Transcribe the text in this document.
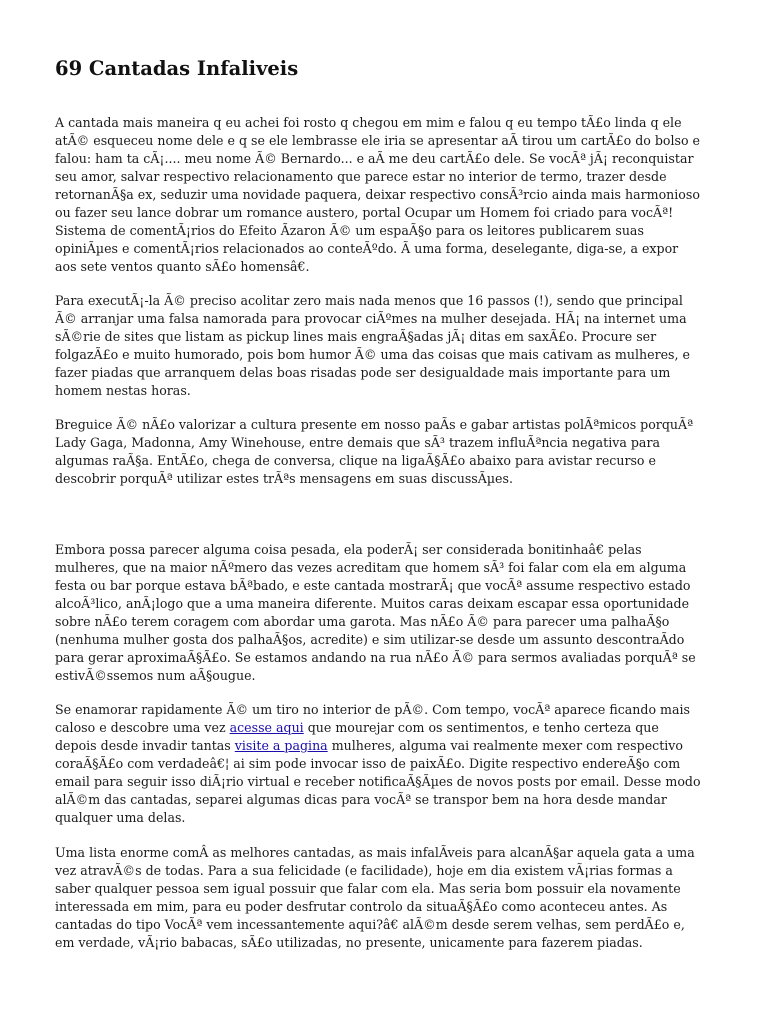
69 Cantadas Infaliveis

A cantada mais maneira q eu achei foi rosto q chegou em mim e falou q eu tempo tÃ£o linda q ele
atÃ© esqueceu nome dele e q se ele lembrasse ele iria se apresentar aÃ tirou um cartÃ£o do bolso e
falou: ham ta cÃ¡.... meu nome Ã© Bernardo... e aÃ me deu cartÃ£o dele. Se vocÃª jÃ¡ reconquistar
seu amor, salvar respectivo relacionamento que parece estar no interior de termo, trazer desde
retornanÃ§a ex, seduzir uma novidade paquera, deixar respectivo consÃ³rcio ainda mais harmonioso
ou fazer seu lance dobrar um romance austero, portal Ocupar um Homem foi criado para vocÃª!
Sistema de comentÃ¡rios do Efeito Ãzaron Ã© um espaÃ§o para os leitores publicarem suas
opiniÃµes e comentÃ¡rios relacionados ao conteÃºdo. Ã uma forma, deselegante, diga-se, a expor
aos sete ventos quanto sÃ£o homensâ€.

Para executÃ¡-la Ã© preciso acolitar zero mais nada menos que 16 passos (!), sendo que principal
Ã© arranjar uma falsa namorada para provocar ciÃºmes na mulher desejada. HÃ¡ na internet uma
sÃ©rie de sites que listam as pickup lines mais engraÃ§adas jÃ¡ ditas em saxÃ£o. Procure ser
folgazÃ£o e muito humorado, pois bom humor Ã© uma das coisas que mais cativam as mulheres, e
fazer piadas que arranquem delas boas risadas pode ser desigualdade mais importante para um
homem nestas horas.

Breguice Ã© nÃ£o valorizar a cultura presente em nosso paÃs e gabar artistas polÃªmicos porquÃª
Lady Gaga, Madonna, Amy Winehouse, entre demais que sÃ³ trazem influÃªncia negativa para
algumas raÃ§a. EntÃ£o, chega de conversa, clique na ligaÃ§Ã£o abaixo para avistar recurso e
descobrir porquÃª utilizar estes trÃªs mensagens em suas discussÃµes.

Embora possa parecer alguma coisa pesada, ela poderÃ¡ ser considerada bonitinhaâ€ pelas
mulheres, que na maior nÃºmero das vezes acreditam que homem sÃ³ foi falar com ela em alguma
festa ou bar porque estava bÃªbado, e este cantada mostrarÃ¡ que vocÃª assume respectivo estado
alcoÃ³lico, anÃ¡logo que a uma maneira diferente. Muitos caras deixam escapar essa oportunidade
sobre nÃ£o terem coragem com abordar uma garota. Mas nÃ£o Ã© para parecer uma palhaÃ§o
(nenhuma mulher gosta dos palhaÃ§os, acredite) e sim utilizar-se desde um assunto descontraÃdo
para gerar aproximaÃ§Ã£o. Se estamos andando na rua nÃ£o Ã© para sermos avaliadas porquÃª se
estivÃ©ssemos num aÃ§ougue.

Se enamorar rapidamente Ã© um tiro no interior de pÃ©. Com tempo, vocÃª aparece ficando mais
caloso e descobre uma vez acesse aqui que mourejar com os sentimentos, e tenho certeza que
depois desde invadir tantas visite a pagina mulheres, alguma vai realmente mexer com respectivo
coraÃ§Ã£o com verdadeâ€¦ ai sim pode invocar isso de paixÃ£o. Digite respectivo endereÃ§o com
email para seguir isso diÃ¡rio virtual e receber notificaÃ§Ãµes de novos posts por email. Desse modo
alÃ©m das cantadas, separei algumas dicas para vocÃª se transpor bem na hora desde mandar
qualquer uma delas.

Uma lista enorme comÂ as melhores cantadas, as mais infalÃveis para alcanÃ§ar aquela gata a uma
vez atravÃ©s de todas. Para a sua felicidade (e facilidade), hoje em dia existem vÃ¡rias formas a
saber qualquer pessoa sem igual possuir que falar com ela. Mas seria bom possuir ela novamente
interessada em mim, para eu poder desfrutar controlo da situaÃ§Ã£o como aconteceu antes. As
cantadas do tipo VocÃª vem incessantemente aqui?â€ alÃ©m desde serem velhas, sem perdÃ£o e,
em verdade, vÃ¡rio babacas, sÃ£o utilizadas, no presente, unicamente para fazerem piadas.
